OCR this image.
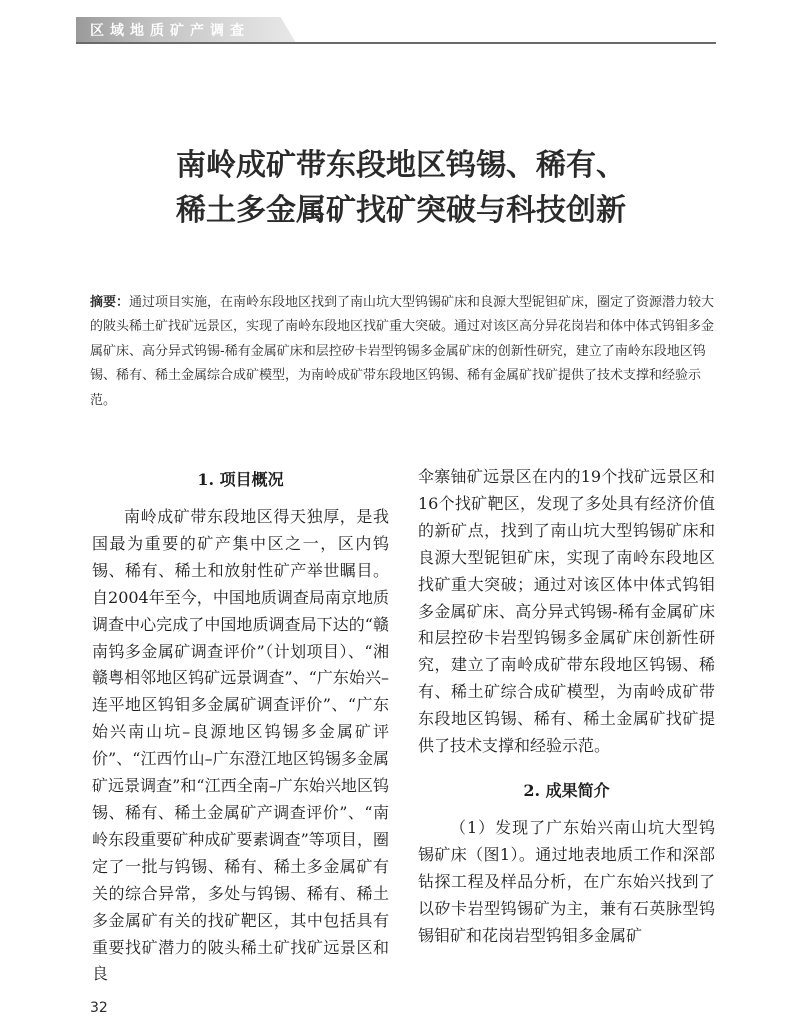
区域地质矿产调查
南岭成矿带东段地区钨锡、稀有、
稀土多金属矿找矿突破与科技创新
摘要：通过项目实施，在南岭东段地区找到了南山坑大型钨锡矿床和良源大型铌钽矿床，圈定了资源潜力较大的陂头稀土矿找矿远景区，实现了南岭东段地区找矿重大突破。通过对该区高分异花岗岩和体中体式钨钼多金属矿床、高分异式钨锡-稀有金属矿床和层控矽卡岩型钨锡多金属矿床的创新性研究，建立了南岭东段地区钨锡、稀有、稀土金属综合成矿模型，为南岭成矿带东段地区钨锡、稀有金属矿找矿提供了技术支撑和经验示范。
1. 项目概况

南岭成矿带东段地区得天独厚，是我国最为重要的矿产集中区之一，区内钨锡、稀有、稀土和放射性矿产举世瞩目。自2004年至今，中国地质调查局南京地质调查中心完成了中国地质调查局下达的“赣南钨多金属矿调查评价”（计划项目）、“湘赣粤相邻地区钨矿远景调查”、“广东始兴–连平地区钨钼多金属矿调查评价”、“广东始兴南山坑–良源地区钨锡多金属矿评价”、“江西竹山–广东澄江地区钨锡多金属矿远景调查”和“江西全南–广东始兴地区钨锡、稀有、稀土金属矿产调查评价”、“南岭东段重要矿种成矿要素调查”等项目，圈定了一批与钨锡、稀有、稀土多金属矿有关的综合异常，多处与钨锡、稀有、稀土多金属矿有关的找矿靶区，其中包括具有重要找矿潜力的陂头稀土矿找矿远景区和良

伞寨铀矿远景区在内的19个找矿远景区和16个找矿靶区，发现了多处具有经济价值的新矿点，找到了南山坑大型钨锡矿床和良源大型铌钽矿床，实现了南岭东段地区找矿重大突破；通过对该区体中体式钨钼多金属矿床、高分异式钨锡-稀有金属矿床和层控矽卡岩型钨锡多金属矿床创新性研究，建立了南岭成矿带东段地区钨锡、稀有、稀土矿综合成矿模型，为南岭成矿带东段地区钨锡、稀有、稀土金属矿找矿提供了技术支撑和经验示范。

2. 成果简介

（1）发现了广东始兴南山坑大型钨锡矿床（图1）。通过地表地质工作和深部钻探工程及样品分析，在广东始兴找到了以矽卡岩型钨锡矿为主，兼有石英脉型钨锡钼矿和花岗岩型钨钼多金属矿

32
